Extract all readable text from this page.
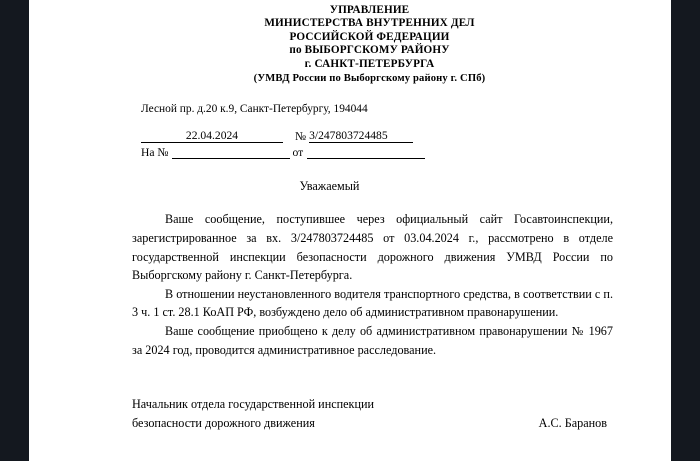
УПРАВЛЕНИЕ
МИНИСТЕРСТВА ВНУТРЕННИХ ДЕЛ
РОССИЙСКОЙ ФЕДЕРАЦИИ
по ВЫБОРГСКОМУ РАЙОНУ
г. САНКТ-ПЕТЕРБУРГА
(УМВД России по Выборгскому району г. СПб)
Лесной пр. д.20 к.9, Санкт-Петербургу, 194044
22.04.2024	№ 3/247803724485
На №	от
Уважаемый

Ваше сообщение, поступившее через официальный сайт Госавтоинспекции, зарегистрированное за вх. 3/247803724485 от 03.04.2024 г., рассмотрено в отделе государственной инспекции безопасности дорожного движения УМВД России по Выборгскому району г. Санкт-Петербурга.

В отношении неустановленного водителя транспортного средства, в соответствии с п. 3 ч. 1 ст. 28.1 КоАП РФ, возбуждено дело об административном правонарушении.

Ваше сообщение приобщено к делу об административном правонарушении № 1967 за 2024 год, проводится административное расследование.

Начальник отдела государственной инспекции
безопасности дорожного движения	А.С. Баранов
